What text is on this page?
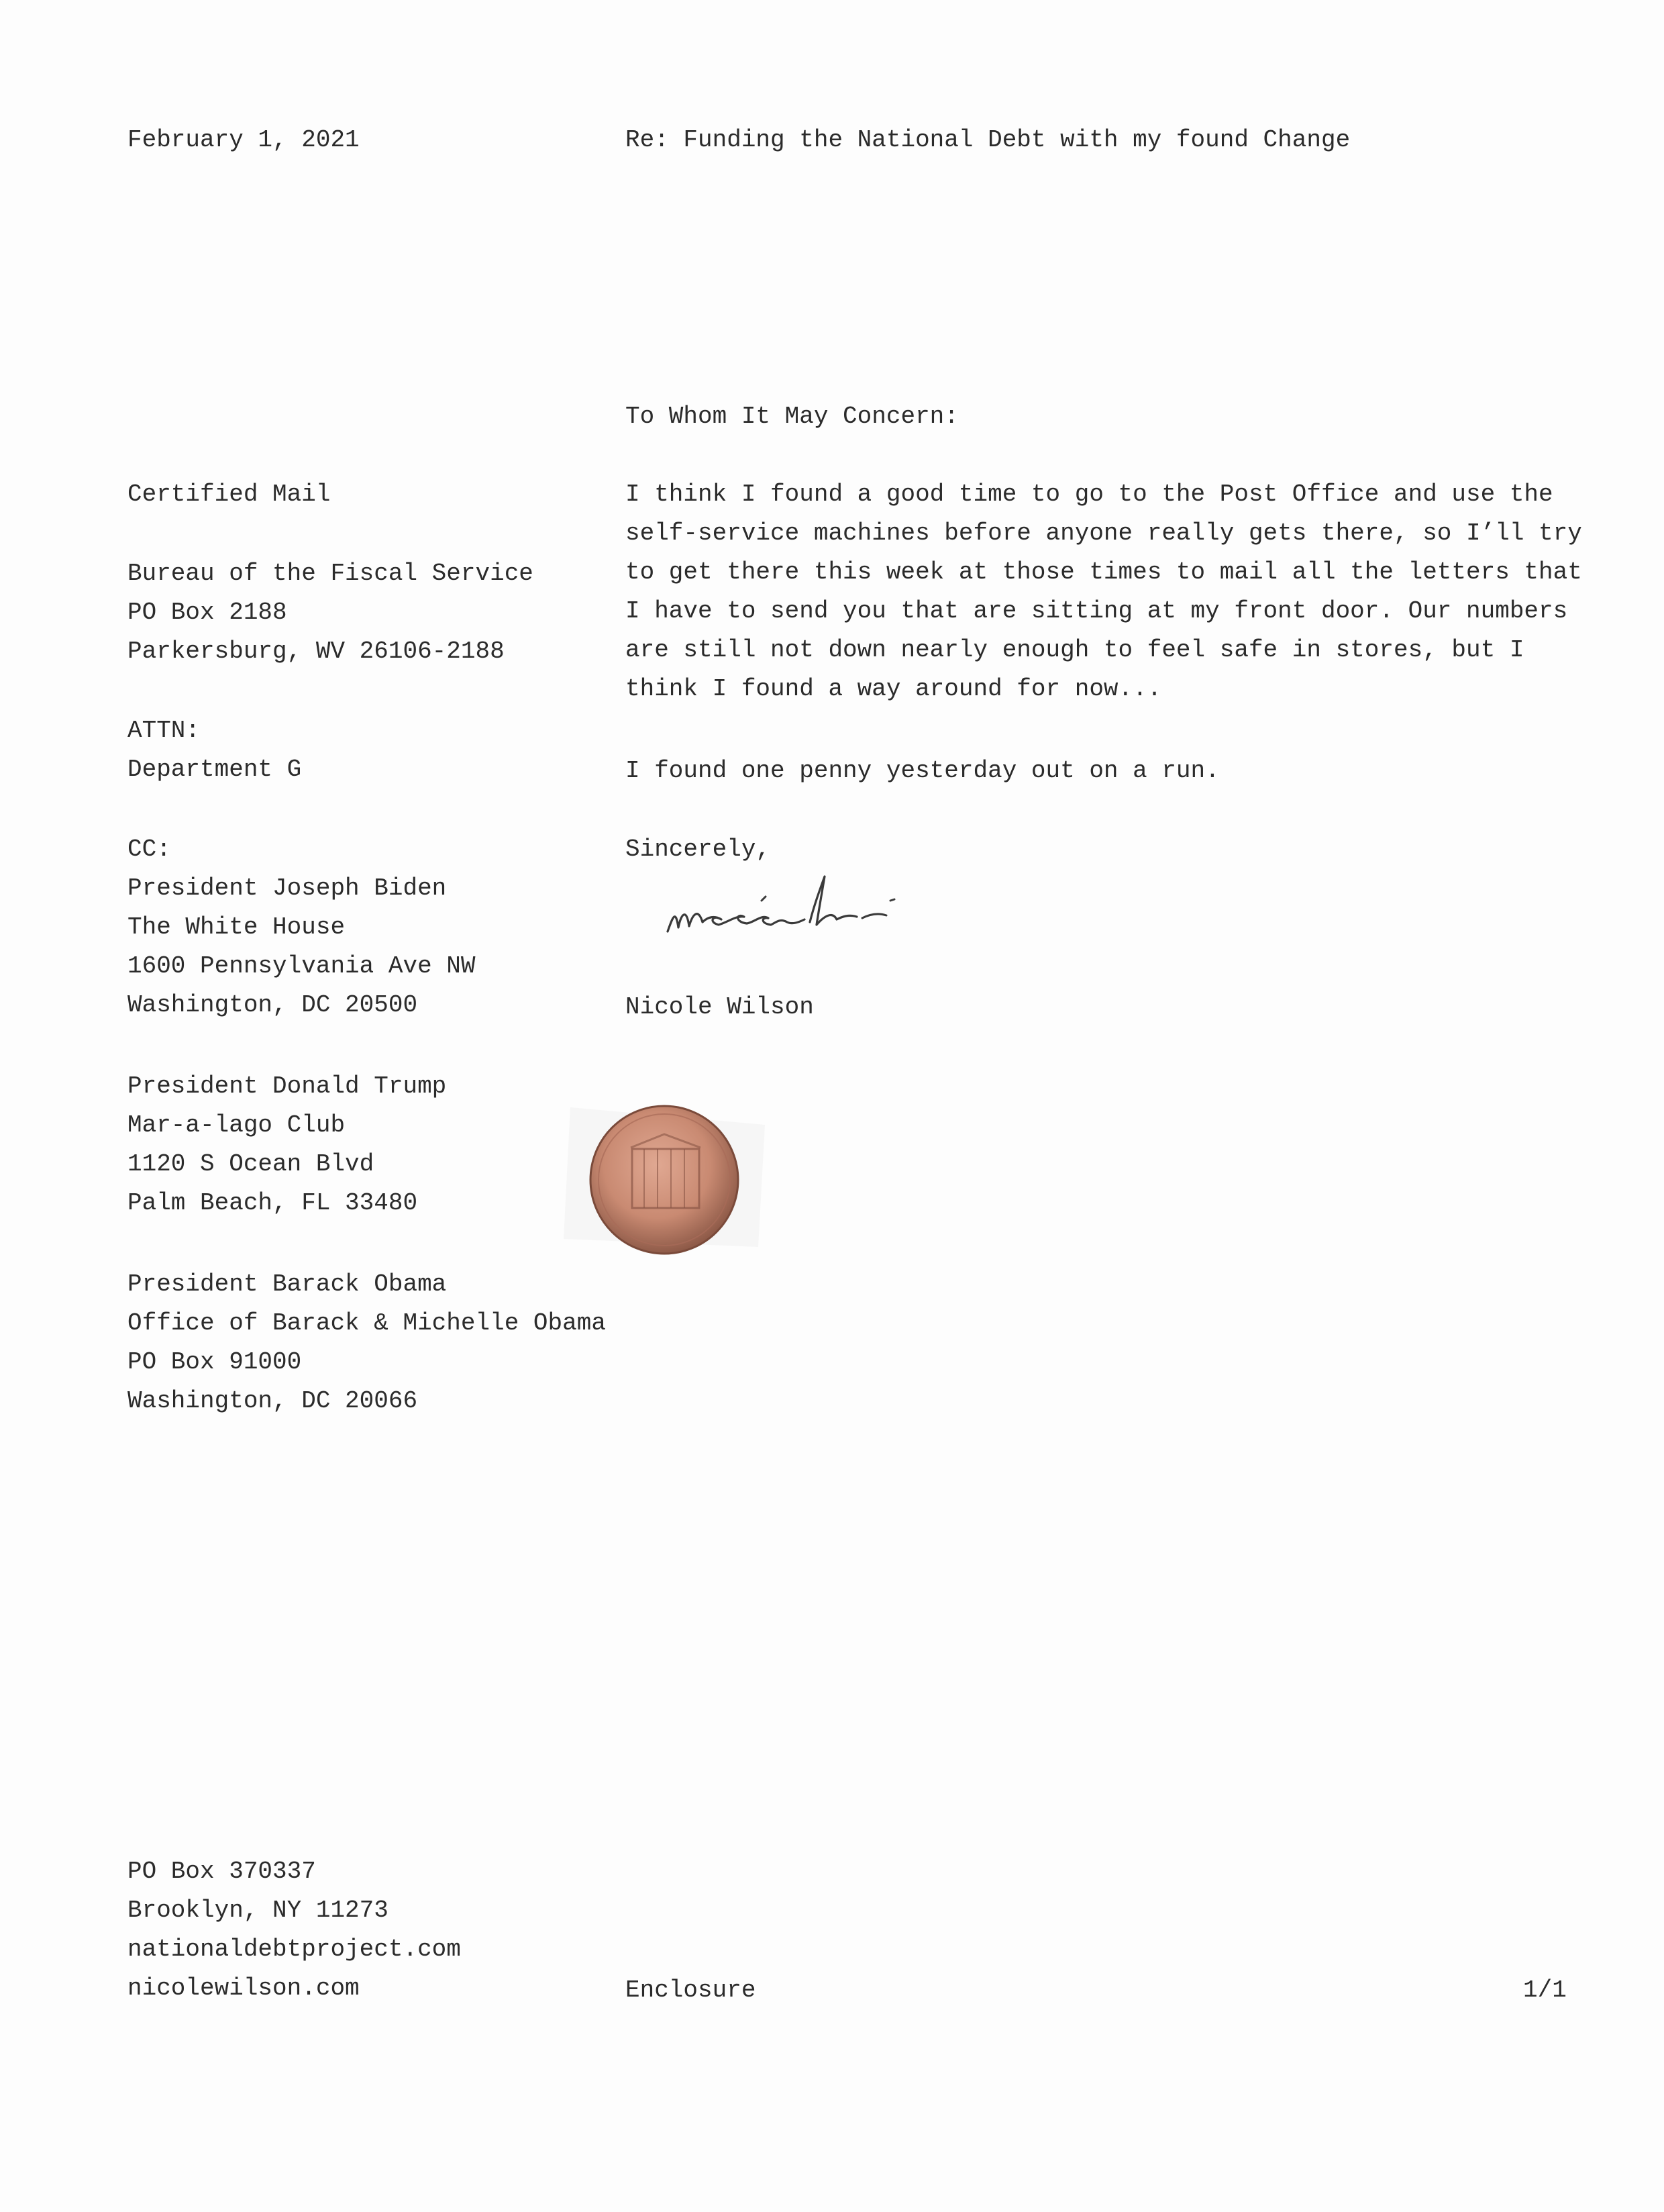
February 1, 2021	Re: Funding the National Debt with my found Change
To Whom It May Concern:
Certified Mail
Bureau of the Fiscal Service
PO Box 2188
Parkersburg, WV 26106-2188
ATTN:
Department G
CC:
President Joseph Biden
The White House
1600 Pennsylvania Ave NW
Washington, DC 20500
President Donald Trump
Mar-a-lago Club
1120 S Ocean Blvd
Palm Beach, FL 33480
President Barack Obama
Office of Barack & Michelle Obama
PO Box 91000
Washington, DC 20066
I think I found a good time to go to the Post Office and use the
self-service machines before anyone really gets there, so I’ll try
to get there this week at those times to mail all the letters that
I have to send you that are sitting at my front door. Our numbers
are still not down nearly enough to feel safe in stores, but I
think I found a way around for now...
I found one penny yesterday out on a run.
Sincerely,
Nicole Wilson
PO Box 370337
Brooklyn, NY 11273
nationaldebtproject.com
nicolewilson.com	Enclosure	1/1
